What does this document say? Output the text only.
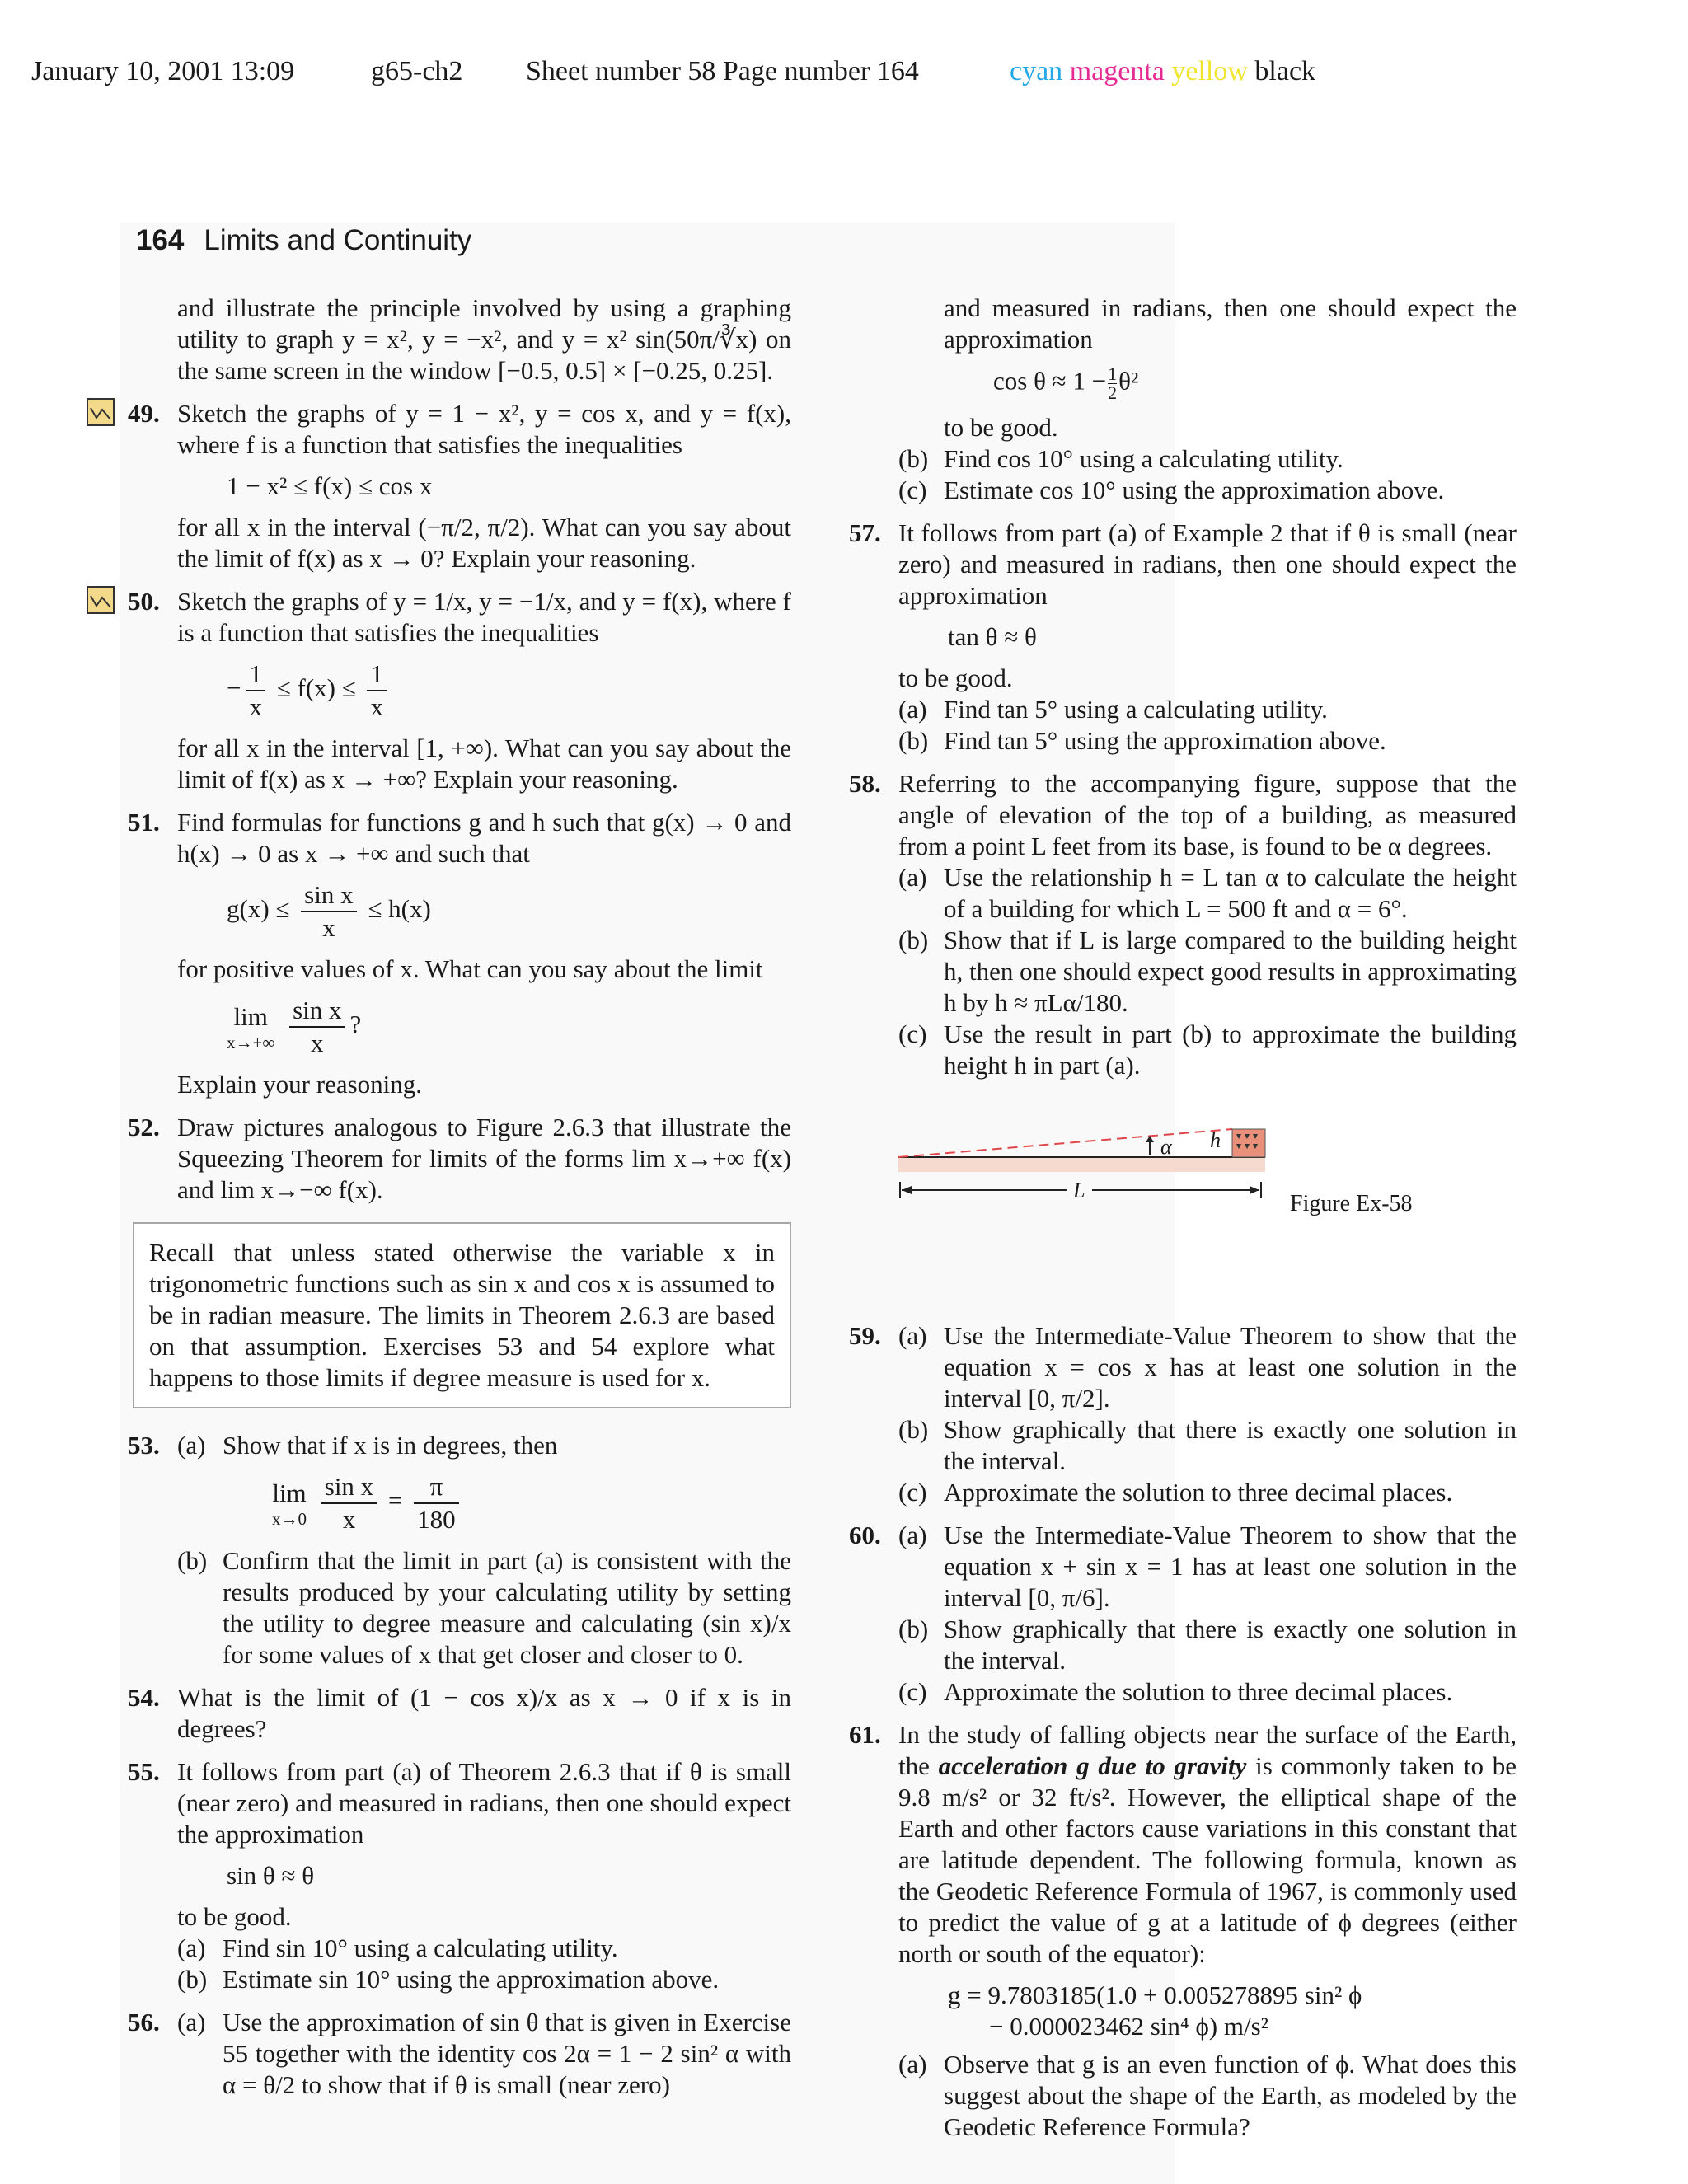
January 10, 2001 13:09	g65-ch2 Sheet number 58 Page number 164	cyan magenta yellow black
164 Limits and Continuity
and illustrate the principle involved by using a graphing utility to graph y = x², y = −x², and y = x² sin(50π/∛x) on the same screen in the window [−0.5, 0.5] × [−0.25, 0.25].
49. Sketch the graphs of y = 1 − x², y = cos x, and y = f(x), where f is a function that satisfies the inequalities
1 − x² ≤ f(x) ≤ cos x
for all x in the interval (−π/2, π/2). What can you say about the limit of f(x) as x → 0? Explain your reasoning.
50. Sketch the graphs of y = 1/x, y = −1/x, and y = f(x), where f is a function that satisfies the inequalities
− $\frac{1}{x} \le f(x) \le \frac{1}{x}$
for all x in the interval [1, +∞). What can you say about the limit of f(x) as x → +∞? Explain your reasoning.
51. Find formulas for functions g and h such that g(x) → 0 and h(x) → 0 as x → +∞ and such that
$g(x) \le \frac{\text{sin x}}{x} \le h(x)$
for positive values of x. What can you say about the limit
lim
x→+∞
$\frac{\text{sin x}}{x}$ ?
Explain your reasoning.
52. Draw pictures analogous to Figure 2.6.3 that illustrate the Squeezing Theorem for limits of the forms lim x→+∞ f(x) and lim x→−∞ f(x).
Recall that unless stated otherwise the variable x in trigonometric functions such as sin x and cos x is assumed to be in radian measure. The limits in Theorem 2.6.3 are based on that assumption. Exercises 53 and 54 explore what happens to those limits if degree measure is used for x.
53. (a) Show that if x is in degrees, then
lim
x→0
$\frac{\text{sin x}}{x} = \frac{\pi}{180}$
(b) Confirm that the limit in part (a) is consistent with the results produced by your calculating utility by setting the utility to degree measure and calculating (sin x)/x for some values of x that get closer and closer to 0.
54. What is the limit of (1 − cos x)/x as x → 0 if x is in degrees?
55. It follows from part (a) of Theorem 2.6.3 that if θ is small (near zero) and measured in radians, then one should expect the approximation
sin θ ≈ θ
to be good.
(a) Find sin 10° using a calculating utility.
(b) Estimate sin 10° using the approximation above.
56. (a) Use the approximation of sin θ that is given in Exercise 55 together with the identity cos 2α = 1 − 2 sin² α with α = θ/2 to show that if θ is small (near zero)
and measured in radians, then one should expect the approximation
$\cos \theta \approx 1 - \frac{1}{2} \theta^2$
to be good.
(b) Find cos 10° using a calculating utility.
(c) Estimate cos 10° using the approximation above.
57. It follows from part (a) of Example 2 that if θ is small (near zero) and measured in radians, then one should expect the approximation
tan θ ≈ θ
to be good.
(a) Find tan 5° using a calculating utility.
(b) Find tan 5° using the approximation above.
58. Referring to the accompanying figure, suppose that the angle of elevation of the top of a building, as measured from a point L feet from its base, is found to be α degrees.
(a) Use the relationship h = L tan α to calculate the height of a building for which L = 500 ft and α = 6°.
(b) Show that if L is large compared to the building height h, then one should expect good results in approximating h by h ≈ πLα/180.
(c) Use the result in part (b) to approximate the building height h in part (a).
α h
L
Figure Ex-58
59. (a) Use the Intermediate-Value Theorem to show that the equation x = cos x has at least one solution in the interval [0, π/2].
(b) Show graphically that there is exactly one solution in the interval.
(c) Approximate the solution to three decimal places.
60. (a) Use the Intermediate-Value Theorem to show that the equation x + sin x = 1 has at least one solution in the interval [0, π/6].
(b) Show graphically that there is exactly one solution in the interval.
(c) Approximate the solution to three decimal places.
61. In the study of falling objects near the surface of the Earth, the acceleration g due to gravity is commonly taken to be 9.8 m/s² or 32 ft/s². However, the elliptical shape of the Earth and other factors cause variations in this constant that are latitude dependent. The following formula, known as the Geodetic Reference Formula of 1967, is commonly used to predict the value of g at a latitude of ϕ degrees (either north or south of the equator):
g = 9.7803185(1.0 + 0.005278895 sin² ϕ
− 0.000023462 sin⁴ ϕ) m/s²
(a) Observe that g is an even function of ϕ. What does this suggest about the shape of the Earth, as modeled by the Geodetic Reference Formula?
